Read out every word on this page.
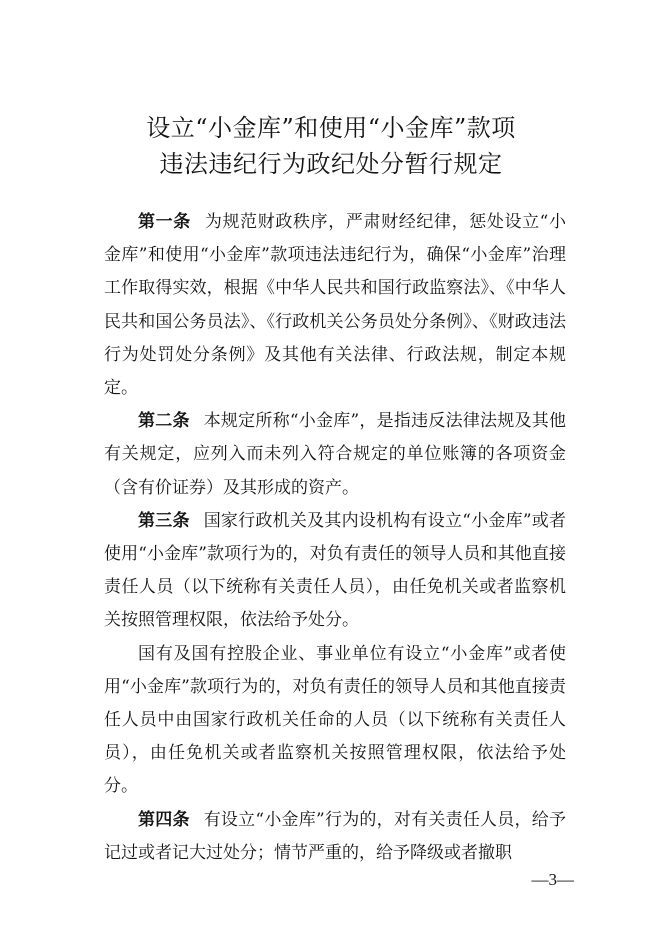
设立“小金库”和使用“小金库”款项
违法违纪行为政纪处分暂行规定

第一条 为规范财政秩序，严肃财经纪律，惩处设立“小金库”和使用“小金库”款项违法违纪行为，确保“小金库”治理工作取得实效，根据《中华人民共和国行政监察法》、《中华人民共和国公务员法》、《行政机关公务员处分条例》、《财政违法行为处罚处分条例》及其他有关法律、行政法规，制定本规定。

第二条 本规定所称“小金库”，是指违反法律法规及其他有关规定，应列入而未列入符合规定的单位账簿的各项资金（含有价证券）及其形成的资产。

第三条 国家行政机关及其内设机构有设立“小金库”或者使用“小金库”款项行为的，对负有责任的领导人员和其他直接责任人员（以下统称有关责任人员），由任免机关或者监察机关按照管理权限，依法给予处分。

国有及国有控股企业、事业单位有设立“小金库”或者使用“小金库”款项行为的，对负有责任的领导人员和其他直接责任人员中由国家行政机关任命的人员（以下统称有关责任人员），由任免机关或者监察机关按照管理权限，依法给予处分。

第四条 有设立“小金库”行为的，对有关责任人员，给予记过或者记大过处分；情节严重的，给予降级或者撤职

—3—
